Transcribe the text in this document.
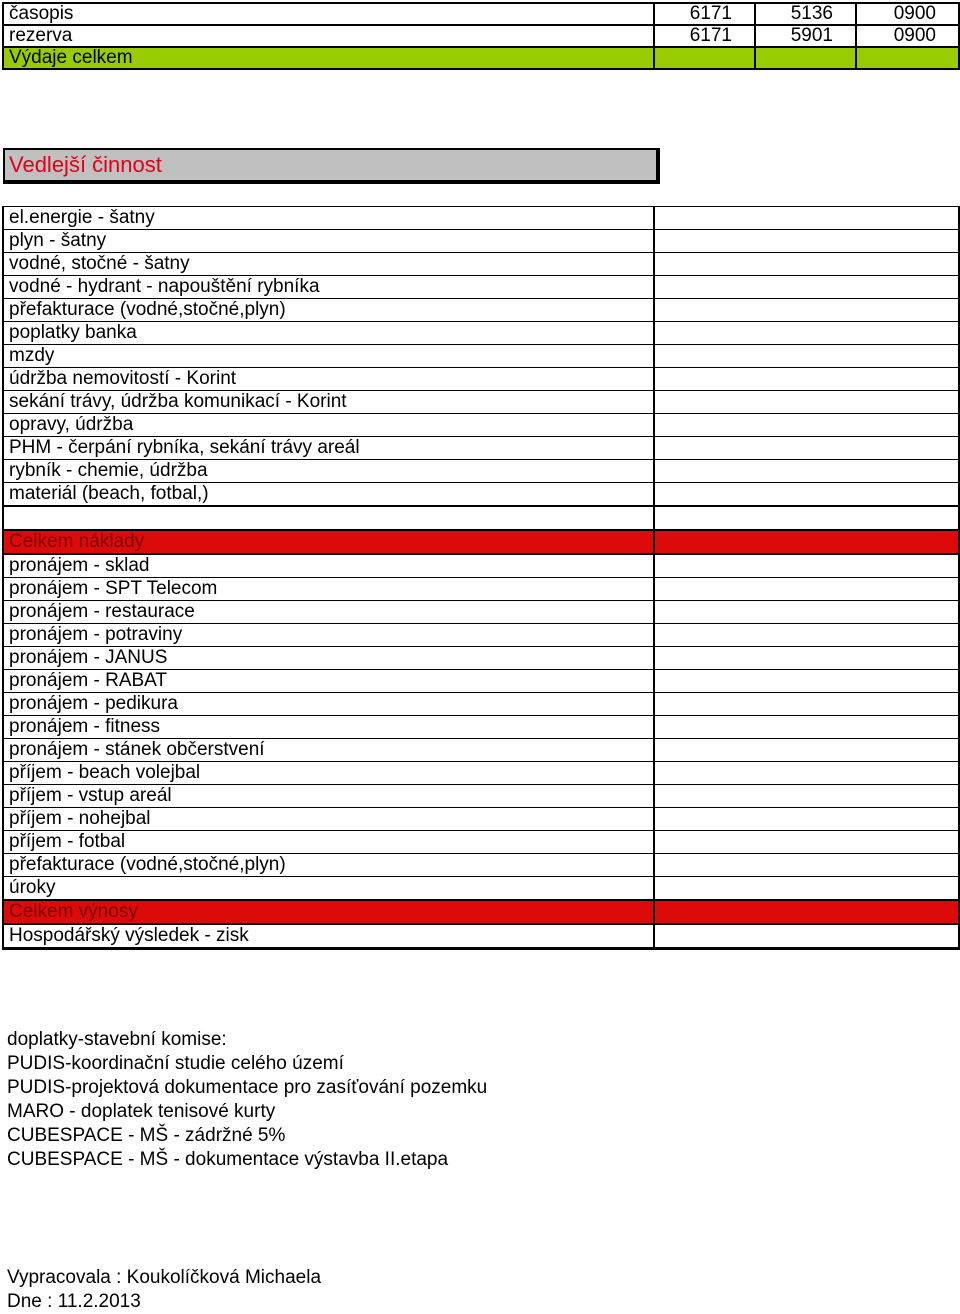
časopis	6171	5136	0900
rezerva	6171	5901	0900
Výdaje celkem			
Vedlejší činnost
el.energie - šatny	
plyn - šatny	
vodné, stočné - šatny	
vodné - hydrant - napouštění rybníka	
přefakturace (vodné,stočné,plyn)	
poplatky banka	
mzdy	
údržba nemovitostí - Korint	
sekání trávy, údržba komunikací - Korint	
opravy, údržba	
PHM - čerpání rybníka, sekání trávy areál	
rybník - chemie, údržba	
materiál (beach, fotbal,)	

Celkem náklady	
pronájem - sklad	
pronájem - SPT Telecom	
pronájem - restaurace	
pronájem - potraviny	
pronájem - JANUS	
pronájem - RABAT	
pronájem - pedikura	
pronájem - fitness	
pronájem - stánek občerstvení	
příjem - beach volejbal	
příjem - vstup areál	
příjem - nohejbal	
příjem - fotbal	
přefakturace (vodné,stočné,plyn)	
úroky	
Celkem výnosy	
Hospodářský výsledek - zisk	
doplatky-stavební komise:
PUDIS-koordinační studie celého území
PUDIS-projektová dokumentace pro zasíťování pozemku
MARO - doplatek tenisové kurty
CUBESPACE - MŠ - zádržné 5%
CUBESPACE - MŠ - dokumentace výstavba II.etapa
Vypracovala : Koukolíčková Michaela
Dne : 11.2.2013
